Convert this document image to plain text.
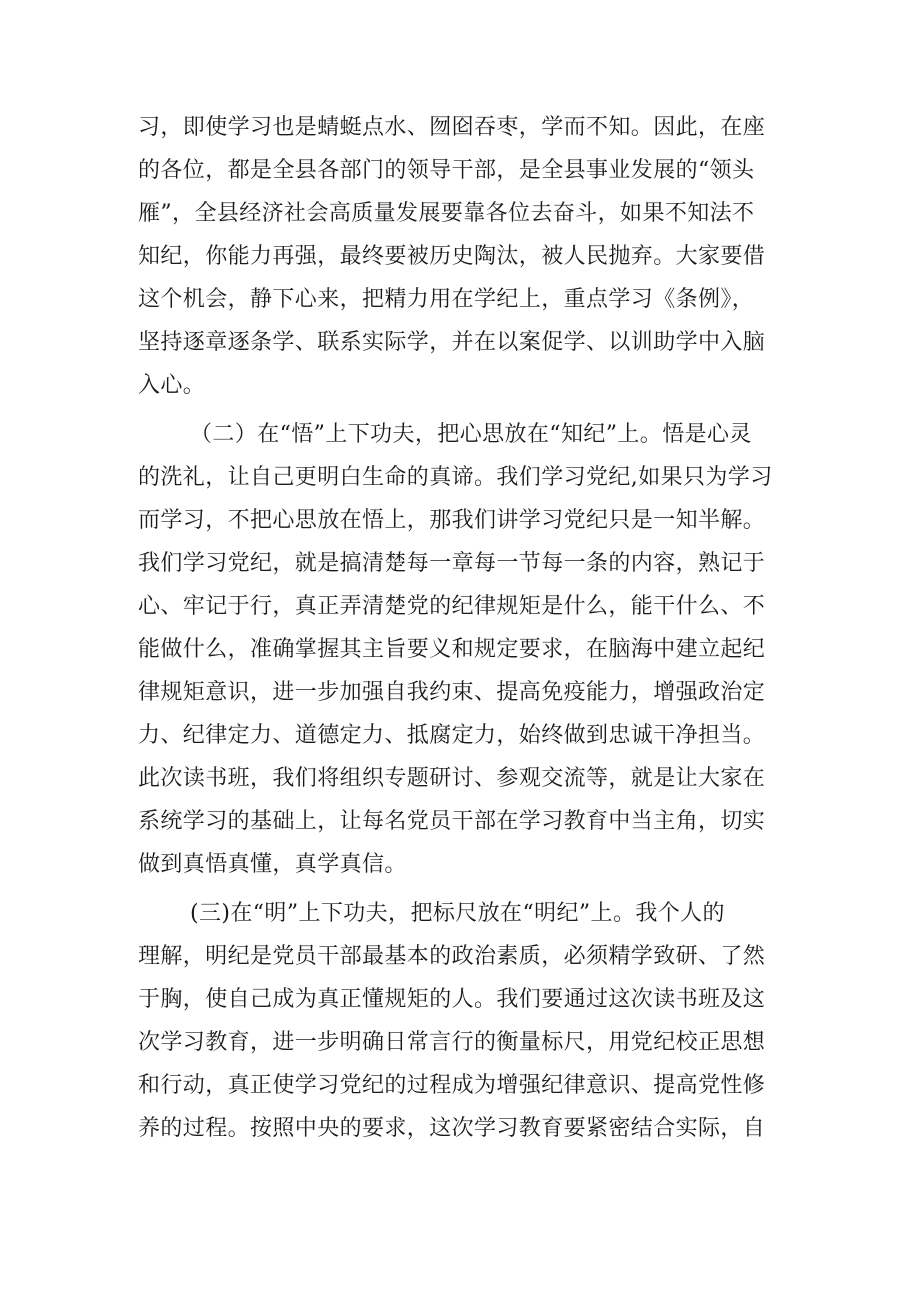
习，即使学习也是蜻蜓点水、囫囵吞枣，学而不知。因此，在座
的各位，都是全县各部门的领导干部，是全县事业发展的“领头
雁”，全县经济社会高质量发展要靠各位去奋斗，如果不知法不
知纪，你能力再强，最终要被历史陶汰，被人民抛弃。大家要借
这个机会，静下心来，把精力用在学纪上，重点学习《条例》，
坚持逐章逐条学、联系实际学，并在以案促学、以训助学中入脑
入心。
（二）在“悟”上下功夫，把心思放在“知纪”上。悟是心灵
的洗礼，让自己更明白生命的真谛。我们学习党纪,如果只为学习
而学习，不把心思放在悟上，那我们讲学习党纪只是一知半解。
我们学习党纪，就是搞清楚每一章每一节每一条的内容，熟记于
心、牢记于行，真正弄清楚党的纪律规矩是什么，能干什么、不
能做什么，准确掌握其主旨要义和规定要求，在脑海中建立起纪
律规矩意识，进一步加强自我约束、提高免疫能力，增强政治定
力、纪律定力、道德定力、抵腐定力，始终做到忠诚干净担当。
此次读书班，我们将组织专题研讨、参观交流等，就是让大家在
系统学习的基础上，让每名党员干部在学习教育中当主角，切实
做到真悟真懂，真学真信。
(三)在“明”上下功夫，把标尺放在“明纪”上。我个人的
理解，明纪是党员干部最基本的政治素质，必须精学致研、了然
于胸，使自己成为真正懂规矩的人。我们要通过这次读书班及这
次学习教育，进一步明确日常言行的衡量标尺，用党纪校正思想
和行动，真正使学习党纪的过程成为增强纪律意识、提高党性修
养的过程。按照中央的要求，这次学习教育要紧密结合实际，自
